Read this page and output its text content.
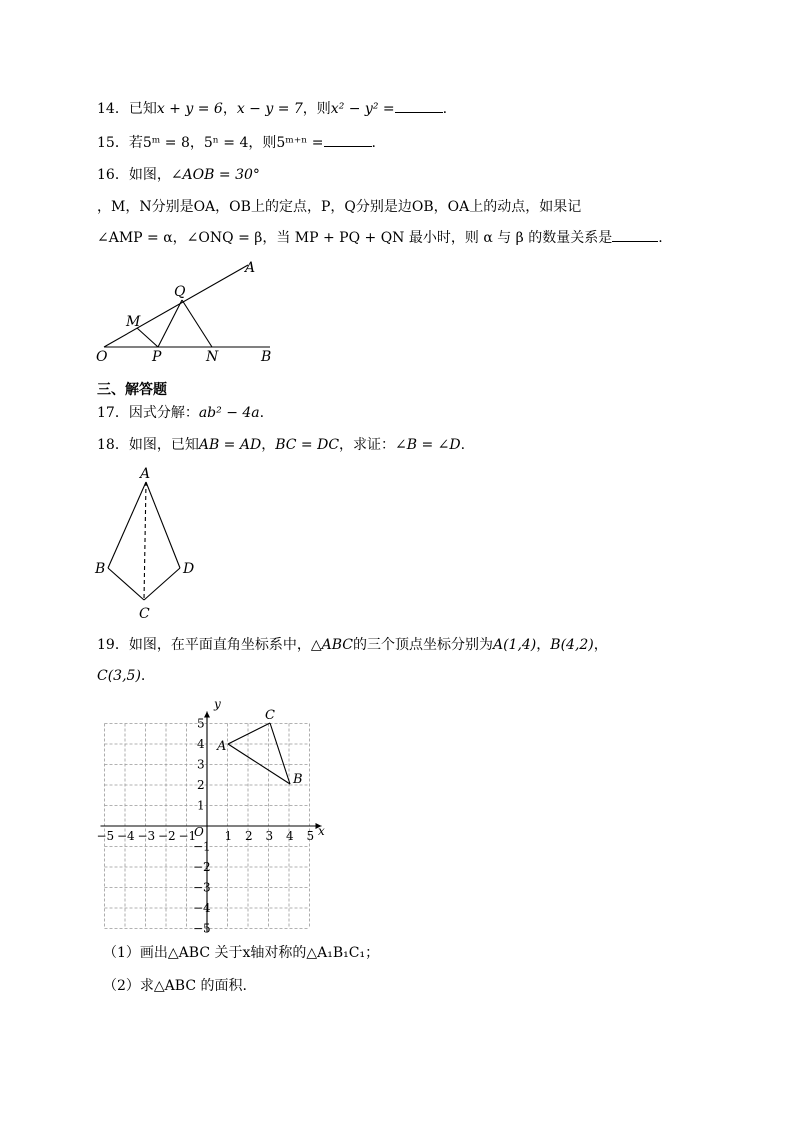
14．已知x + y = 6，x − y = 7，则x² − y² =	.
15．若5ᵐ = 8，5ⁿ = 4，则5ᵐ⁺ⁿ =	.
16．如图，∠AOB = 30°
，M，N分别是OA，OB上的定点，P，Q分别是边OB，OA上的动点，如果记
∠AMP = α，∠ONQ = β，当 MP + PQ + QN 最小时，则 α 与 β 的数量关系是	.
A
Q
M
O	P	N	B
三、解答题
17．因式分解：ab² − 4a.
18．如图，已知AB = AD，BC = DC，求证：∠B = ∠D.
A
B
C
D
19．如图，在平面直角坐标系中，△ABC的三个顶点坐标分别为A(1,4)，B(4,2)，
C(3,5).
−5 −4 −3 −2 −1 1 2 3 4 5
5
4
3
2
1
−1
−2
−3
−4
−5
x
y
O
A
B
C
（1）画出△ABC 关于x轴对称的△A₁B₁C₁；
（2）求△ABC 的面积.
